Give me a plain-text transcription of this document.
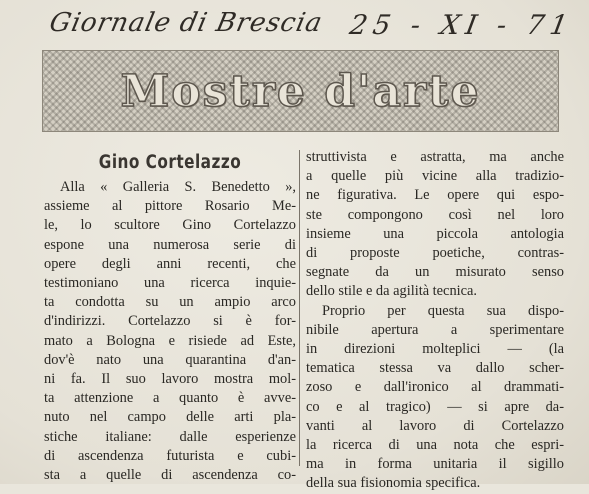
Giornale di Brescia 25 - XI - 71
Mostre d'arte
Gino Cortelazzo
Alla « Galleria S. Benedetto »,
assieme al pittore Rosario Me-
le, lo scultore Gino Cortelazzo
espone una numerosa serie di
opere degli anni recenti, che
testimoniano una ricerca inquie-
ta condotta su un ampio arco
d'indirizzi. Cortelazzo si è for-
mato a Bologna e risiede ad Este,
dov'è nato una quarantina d'an-
ni fa. Il suo lavoro mostra mol-
ta attenzione a quanto è avve-
nuto nel campo delle arti pla-
stiche italiane: dalle esperienze
di ascendenza futurista e cubi-
sta a quelle di ascendenza co-
struttivista e astratta, ma anche
a quelle più vicine alla tradizio-
ne figurativa. Le opere qui espo-
ste compongono così nel loro
insieme una piccola antologia
di proposte poetiche, contras-
segnate da un misurato senso
dello stile e da agilità tecnica.
Proprio per questa sua dispo-
nibile apertura a sperimentare
in direzioni molteplici — (la
tematica stessa va dallo scher-
zoso e dall'ironico al drammati-
co e al tragico) — si apre da-
vanti al lavoro di Cortelazzo
la ricerca di una nota che espri-
ma in forma unitaria il sigillo
della sua fisionomia specifica.
